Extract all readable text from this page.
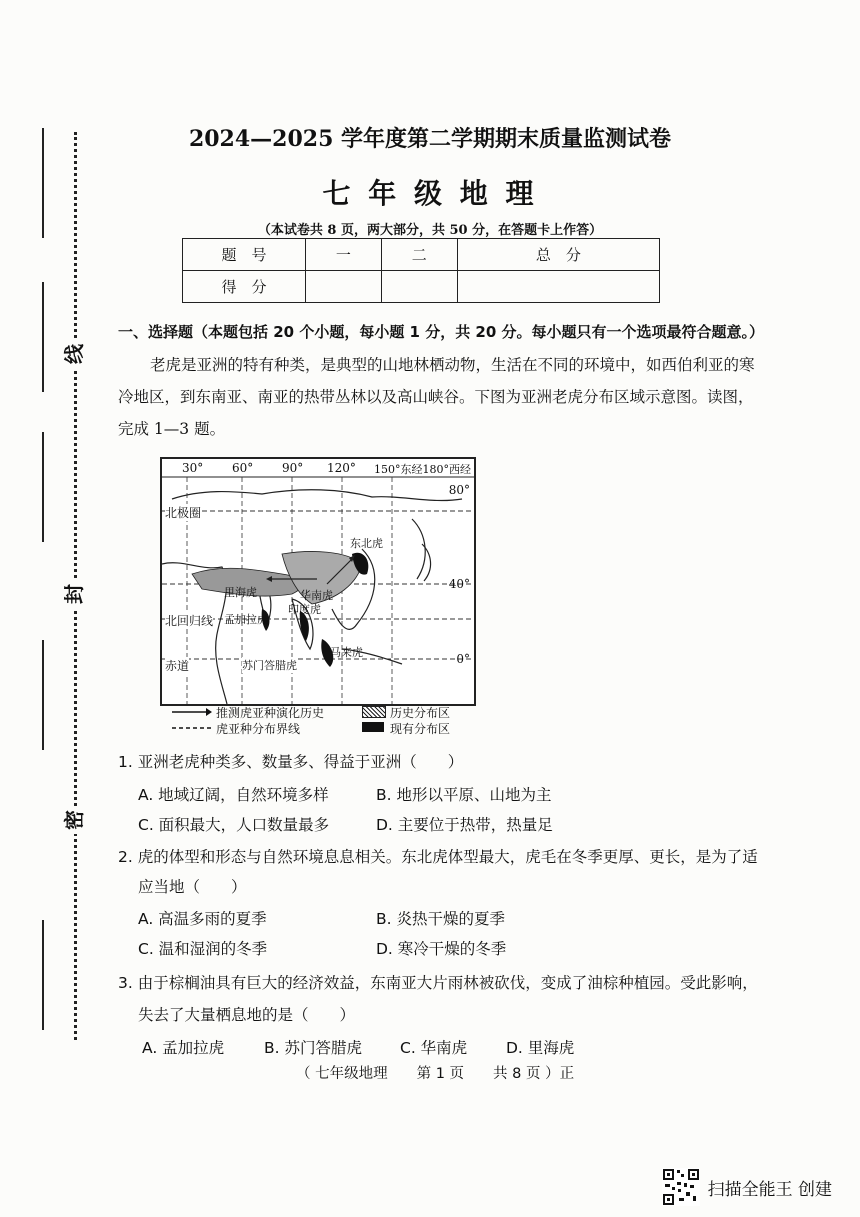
线
封
密
2024—2025 学年度第二学期期末质量监测试卷
七 年 级 地 理
（本试卷共 8 页，两大部分，共 50 分，在答题卡上作答）
题　号	一	二	总　分
得　分			
一、选择题（本题包括 20 个小题，每小题 1 分，共 20 分。每小题只有一个选项最符合题意。）
老虎是亚洲的特有种类，是典型的山地林栖动物，生活在不同的环境中，如西伯利亚的寒
冷地区，到东南亚、南亚的热带丛林以及高山峡谷。下图为亚洲老虎分布区域示意图。读图，
完成 1—3 题。
30° 60° 90° 120° 150°东经180°西经
80°
40°
0°
北极圈
北回归线
赤道
东北虎
里海虎	华南虎
印度虎
孟加拉虎
马来虎
苏门答腊虎
推测虎亚种演化历史
虎亚种分布界线
历史分布区
现有分布区
1. 亚洲老虎种类多、数量多、得益于亚洲（　　）
A. 地域辽阔，自然环境多样	B. 地形以平原、山地为主
C. 面积最大，人口数量最多	D. 主要位于热带，热量足
2. 虎的体型和形态与自然环境息息相关。东北虎体型最大，虎毛在冬季更厚、更长，是为了适
应当地（　　）
A. 高温多雨的夏季	B. 炎热干燥的夏季
C. 温和湿润的冬季	D. 寒冷干燥的冬季
3. 由于棕榈油具有巨大的经济效益，东南亚大片雨林被砍伐，变成了油棕种植园。受此影响，
失去了大量栖息地的是（　　）
A. 孟加拉虎	B. 苏门答腊虎 C. 华南虎	D. 里海虎
（ 七年级地理　　第 1 页　　共 8 页 ）正
扫描全能王 创建
